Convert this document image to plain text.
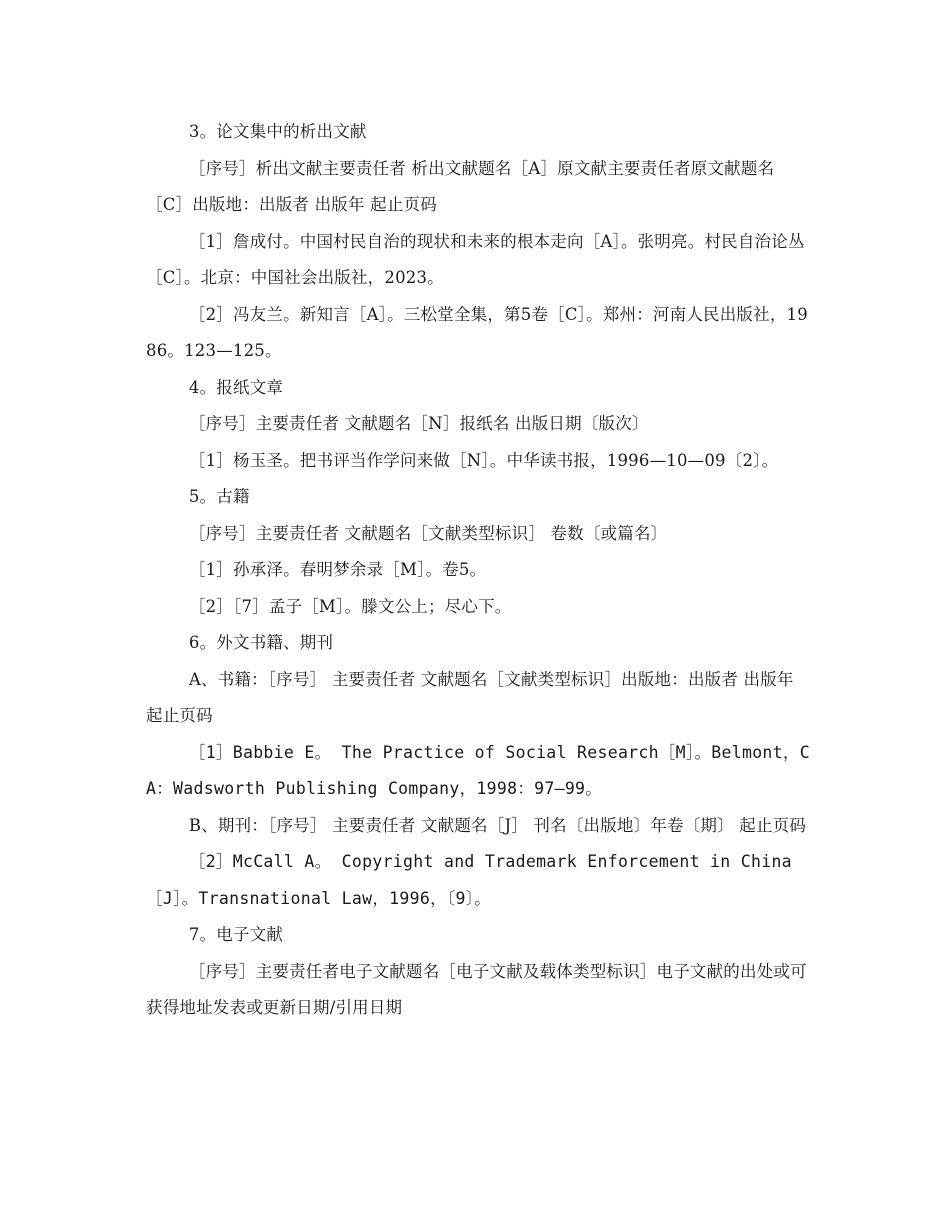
3。论文集中的析出文献

［序号］析出文献主要责任者 析出文献题名［A］原文献主要责任者原文献题名［C］出版地：出版者 出版年 起止页码

［1］詹成付。中国村民自治的现状和未来的根本走向［A］。张明亮。村民自治论丛［C］。北京：中国社会出版社，2023。

［2］冯友兰。新知言［A］。三松堂全集，第5卷［C］。郑州：河南人民出版社，1986。123—125。

4。报纸文章

［序号］主要责任者 文献题名［N］报纸名 出版日期〔版次〕

［1］杨玉圣。把书评当作学问来做［N］。中华读书报，1996—10—09〔2〕。

5。古籍

［序号］主要责任者 文献题名［文献类型标识］ 卷数〔或篇名〕

［1］孙承泽。春明梦余录［M］。卷5。

［2］［7］孟子［M］。滕文公上；尽心下。

6。外文书籍、期刊

A、书籍：［序号］ 主要责任者 文献题名［文献类型标识］出版地：出版者 出版年 起止页码

［1］Babbie E。 The Practice of Social Research［M］。Belmont，CA：Wadsworth Publishing Company，1998：97—99。

B、期刊：［序号］ 主要责任者 文献题名［J］ 刊名〔出版地〕年卷〔期〕 起止页码

［2］McCall A。 Copyright and Trademark Enforcement in China［J］。Transnational Law，1996，〔9〕。

7。电子文献

［序号］主要责任者电子文献题名［电子文献及载体类型标识］电子文献的出处或可获得地址发表或更新日期/引用日期
